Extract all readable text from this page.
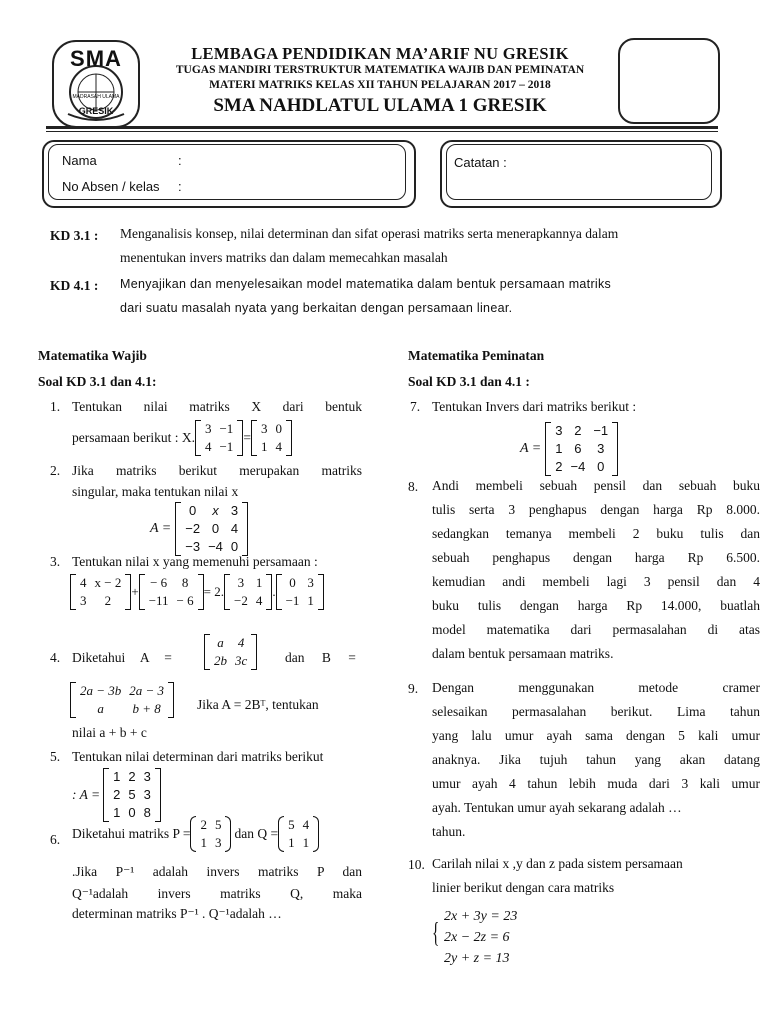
SMA
MADRASAH ULAMA
GRESIK
LEMBAGA PENDIDIKAN MA’ARIF NU GRESIK
TUGAS MANDIRI TERSTRUKTUR MATEMATIKA WAJIB DAN PEMINATAN
MATERI MATRIKS KELAS XII TAHUN PELAJARAN 2017 – 2018
SMA NAHDLATUL ULAMA 1 GRESIK
Nama	:
No Absen / kelas :
Catatan :
KD 3.1 : Menganalisis konsep, nilai determinan dan sifat operasi matriks serta menerapkannya dalam
menentukan invers matriks dan dalam memecahkan masalah
KD 4.1 : Menyajikan dan menyelesaikan model matematika dalam bentuk persamaan matriks
dari suatu masalah nyata yang berkaitan dengan persamaan linear.
Matematika Wajib
Soal KD 3.1 dan 4.1:
1. Tentukan nilai matriks X dari bentuk
persamaan berikut : X.
3	−1
4	−1
=
3	0
1	4
2. Jika matriks berikut merupakan matriks
singular, maka tentukan nilai x
A =
0	x	3
−2	0	4
−3	−4	0
3. Tentukan nilai x yang memenuhi persamaan :
4	x − 2
3	2
+
− 6	8
−11	− 6
= 2.
3	1
−2	4
.
0	3
−1	1
4. Diketahui A =
a	4
2b	3c	dan B =
2a − 3b	2a − 3
a	b + 8	Jika A = 2Bᵀ, tentukan
nilai a + b + c
5. Tentukan nilai determinan dari matriks berikut
: A =
1	2	3
2	5	3
1	0	8
6. Diketahui matriks P =
2	5
1	3
dan Q =
5	4
1	1
.Jika P⁻¹ adalah invers matriks P dan
Q⁻¹adalah invers matriks Q, maka
determinan matriks P⁻¹ . Q⁻¹adalah …
Matematika Peminatan
Soal KD 3.1 dan 4.1 :
7. Tentukan Invers dari matriks berikut :
A =
3	2	−1
1	6	3
2	−4	0
8. Andi membeli sebuah pensil dan sebuah buku
tulis serta 3 penghapus dengan harga Rp 8.000.
sedangkan temanya membeli 2 buku tulis dan
sebuah penghapus dengan harga Rp 6.500.
kemudian andi membeli lagi 3 pensil dan 4
buku tulis dengan harga Rp 14.000, buatlah
model matematika dari permasalahan di atas
dalam bentuk persamaan matriks.
9. Dengan menggunakan metode cramer
selesaikan permasalahan berikut. Lima tahun
yang lalu umur ayah sama dengan 5 kali umur
anaknya. Jika tujuh tahun yang akan datang
umur ayah 4 tahun lebih muda dari 3 kali umur
ayah. Tentukan umur ayah sekarang adalah …
tahun.
10. Carilah nilai x ,y dan z pada sistem persamaan
linier berikut dengan cara matriks
{
2x + 3y = 23
2x − 2z = 6
2y + z = 13
